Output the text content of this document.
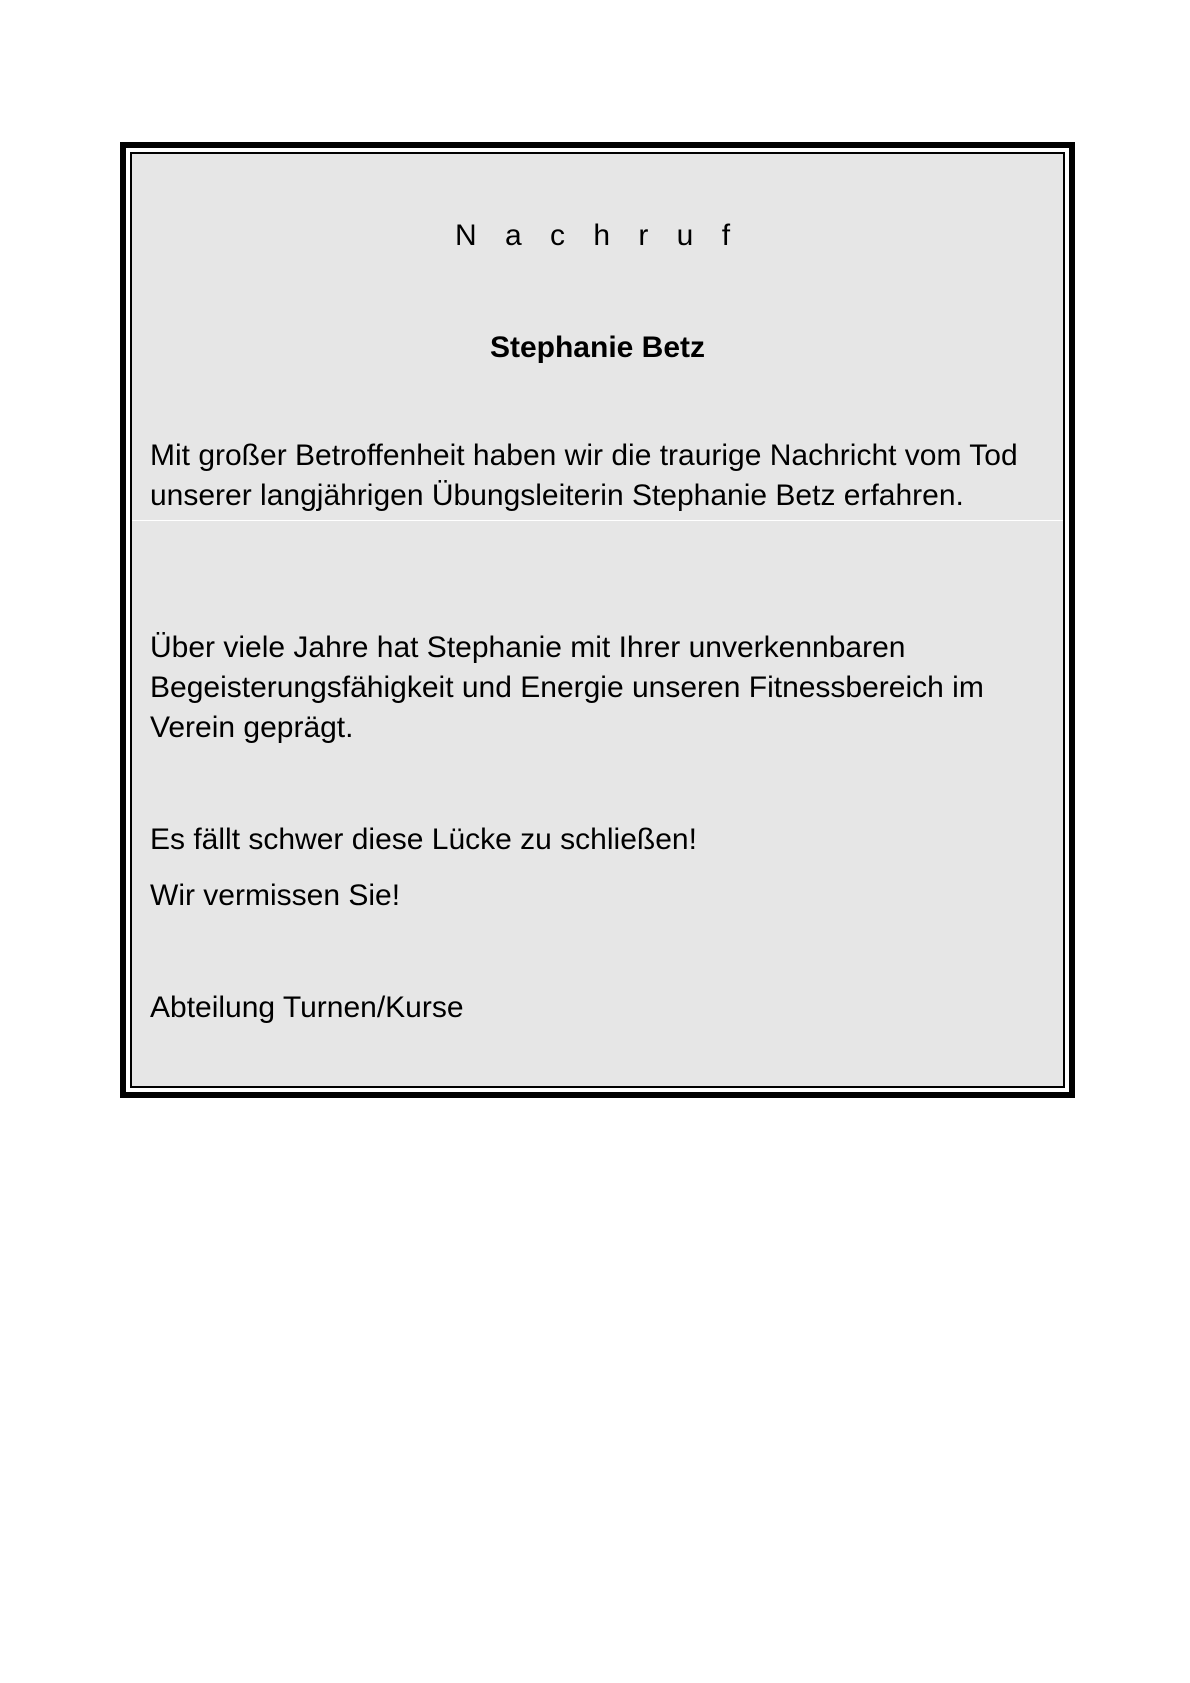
N a c h r u f
Stephanie Betz

Mit großer Betroffenheit haben wir die traurige Nachricht vom Tod unserer langjährigen Übungsleiterin Stephanie Betz erfahren.

Über viele Jahre hat Stephanie mit Ihrer unverkennbaren Begeisterungsfähigkeit und Energie unseren Fitnessbereich im Verein geprägt.

Es fällt schwer diese Lücke zu schließen!

Wir vermissen Sie!

Abteilung Turnen/Kurse
